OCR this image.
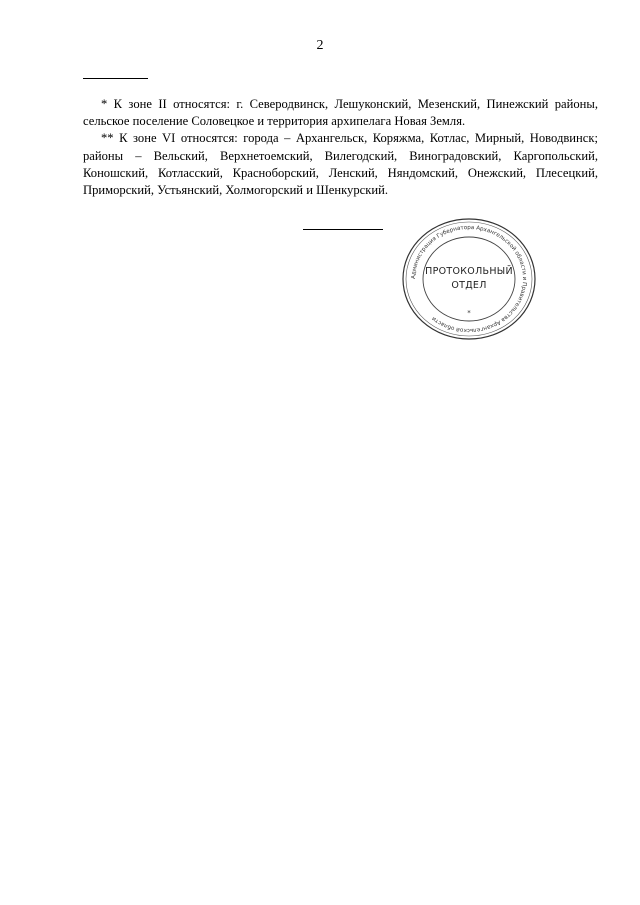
2

* К зоне II относятся: г. Северодвинск, Лешуконский, Мезенский, Пинежский районы, сельское поселение Соловецкое и территория архипелага Новая Земля.

** К зоне VI относятся: города – Архангельск, Коряжма, Котлас, Мирный, Новодвинск; районы – Вельский, Верхнетоемский, Вилегодский, Виноградовский, Каргопольский, Коношский, Котласский, Красноборский, Ленский, Няндомский, Онежский, Плесецкий, Приморский, Устьянский, Холмогорский и Шенкурский.

Администрация Губернатора Архангельской области и Правительства Архангельской области
ПРОТОКОЛЬНЫЙ
ОТДЕЛ
*
